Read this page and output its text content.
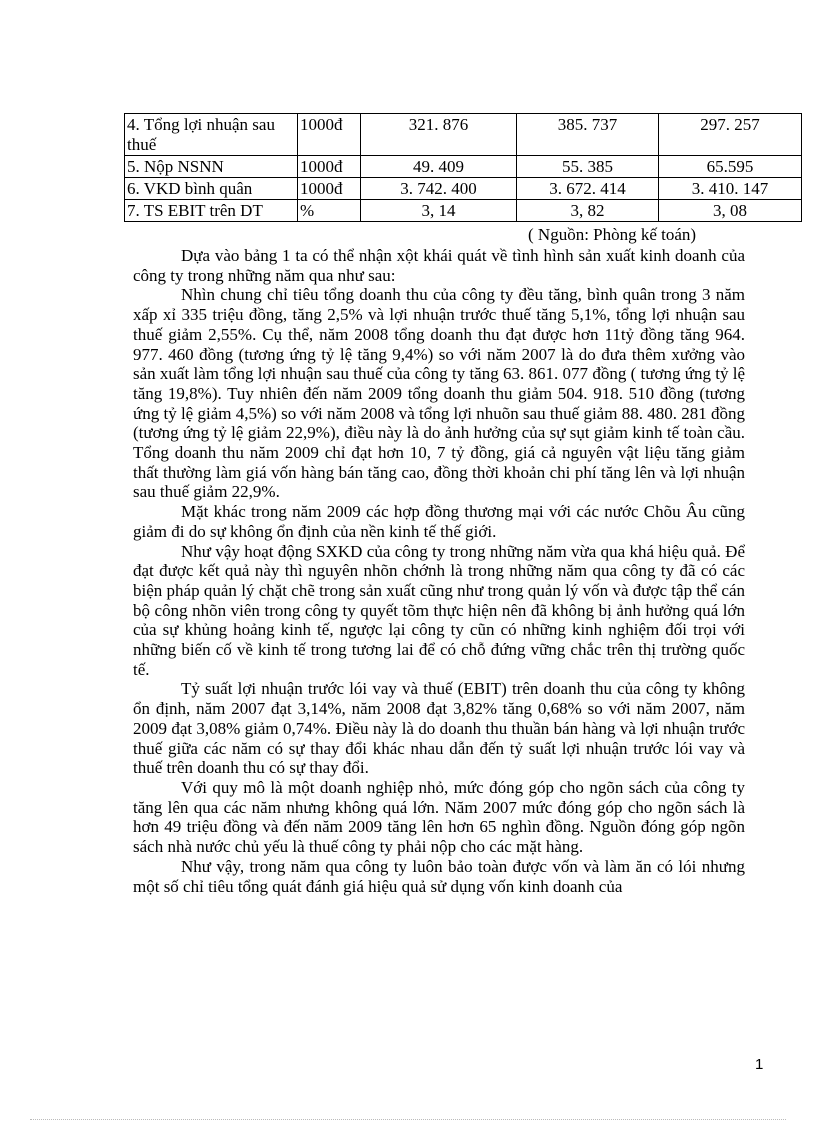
4. Tổng lợi nhuận sau thuế	1000đ	321. 876	385. 737	297. 257
5. Nộp NSNN	1000đ	49. 409	55. 385	65.595
6. VKD bình quân	1000đ	3. 742. 400	3. 672. 414	3. 410. 147
7. TS EBIT trên DT	%	3, 14	3, 82	3, 08
( Nguồn: Phòng kế toán)

Dựa vào bảng 1 ta có thể nhận xột khái quát về tình hình sản xuất kinh doanh của công ty trong những năm qua như sau:

Nhìn chung chỉ tiêu tổng doanh thu của công ty đều tăng, bình quân trong 3 năm xấp xỉ 335 triệu đồng, tăng 2,5% và lợi nhuận trước thuế tăng 5,1%, tổng lợi nhuận sau thuế giảm 2,55%. Cụ thể, năm 2008 tổng doanh thu đạt được hơn 11tỷ đồng tăng 964. 977. 460 đồng (tương ứng tỷ lệ tăng 9,4%) so với năm 2007 là do đưa thêm xưởng vào sản xuất làm tổng lợi nhuận sau thuế của công ty tăng 63. 861. 077 đồng ( tương ứng tỷ lệ tăng 19,8%). Tuy nhiên đến năm 2009 tổng doanh thu giảm 504. 918. 510 đồng (tương ứng tỷ lệ giảm 4,5%) so với năm 2008 và tổng lợi nhuõn sau thuế giảm 88. 480. 281 đồng (tương ứng tỷ lệ giảm 22,9%), điều này là do ảnh hưởng của sự sụt giảm kinh tế toàn cầu. Tổng doanh thu năm 2009 chỉ đạt hơn 10, 7 tỷ đồng, giá cả nguyên vật liệu tăng giảm thất thường làm giá vốn hàng bán tăng cao, đồng thời khoản chi phí tăng lên và lợi nhuận sau thuế giảm 22,9%.

Mặt khác trong năm 2009 các hợp đồng thương mại với các nước Chõu Âu cũng giảm đi do sự không ổn định của nền kinh tế thế giới.

Như vậy hoạt động SXKD của công ty trong những năm vừa qua khá hiệu quả. Để đạt được kết quả này thì nguyên nhõn chớnh là trong những năm qua công ty đã có các biện pháp quản lý chặt chẽ trong sản xuất cũng như trong quản lý vốn và được tập thể cán bộ công nhõn viên trong công ty quyết tõm thực hiện nên đã không bị ảnh hưởng quá lớn của sự khủng hoảng kinh tế, ngược lại công ty cũn có những kinh nghiệm đối trọi với những biến cố về kinh tế trong tương lai để có chỗ đứng vững chắc trên thị trường quốc tế.

Tỷ suất lợi nhuận trước lói vay và thuế (EBIT) trên doanh thu của công ty không ổn định, năm 2007 đạt 3,14%, năm 2008 đạt 3,82% tăng 0,68% so với năm 2007, năm 2009 đạt 3,08% giảm 0,74%. Điều này là do doanh thu thuần bán hàng và lợi nhuận trước thuế giữa các năm có sự thay đổi khác nhau dẫn đến tỷ suất lợi nhuận trước lói vay và thuế trên doanh thu có sự thay đổi.

Với quy mô là một doanh nghiệp nhỏ, mức đóng góp cho ngõn sách của công ty tăng lên qua các năm nhưng không quá lớn. Năm 2007 mức đóng góp cho ngõn sách là hơn 49 triệu đồng và đến năm 2009 tăng lên hơn 65 nghìn đồng. Nguồn đóng góp ngõn sách nhà nước chủ yếu là thuế công ty phải nộp cho các mặt hàng.

Như vậy, trong năm qua công ty luôn bảo toàn được vốn và làm ăn có lói nhưng một số chỉ tiêu tổng quát đánh giá hiệu quả sử dụng vốn kinh doanh của

1
